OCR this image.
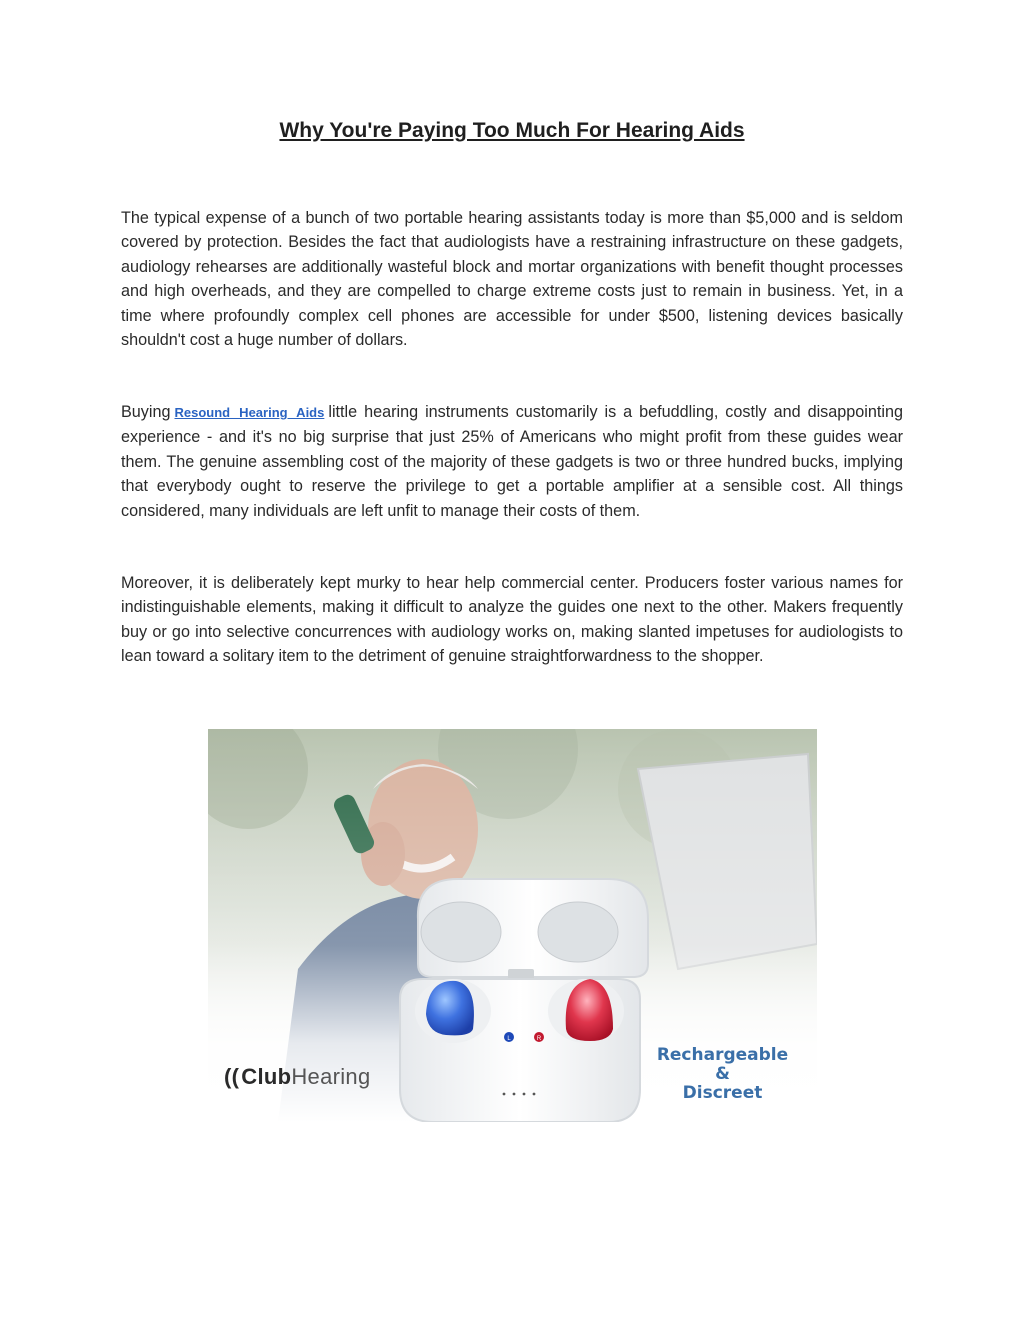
Why You're Paying Too Much For Hearing Aids

The typical expense of a bunch of two portable hearing assistants today is more than $5,000 and is seldom covered by protection. Besides the fact that audiologists have a restraining infrastructure on these gadgets, audiology rehearses are additionally wasteful block and mortar organizations with benefit thought processes and high overheads, and they are compelled to charge extreme costs just to remain in business. Yet, in a time where profoundly complex cell phones are accessible for under $500, listening devices basically shouldn't cost a huge number of dollars.

Buying Resound Hearing Aids little hearing instruments customarily is a befuddling, costly and disappointing experience - and it's no big surprise that just 25% of Americans who might profit from these guides wear them. The genuine assembling cost of the majority of these gadgets is two or three hundred bucks, implying that everybody ought to reserve the privilege to get a portable amplifier at a sensible cost. All things considered, many individuals are left unfit to manage their costs of them.

Moreover, it is deliberately kept murky to hear help commercial center. Producers foster various names for indistinguishable elements, making it difficult to analyze the guides one next to the other. Makers frequently buy or go into selective concurrences with audiology works on, making slanted impetuses for audiologists to lean toward a solitary item to the detriment of genuine straightforwardness to the shopper.

L	R
((ClubHearing
Rechargeable
&
Discreet
